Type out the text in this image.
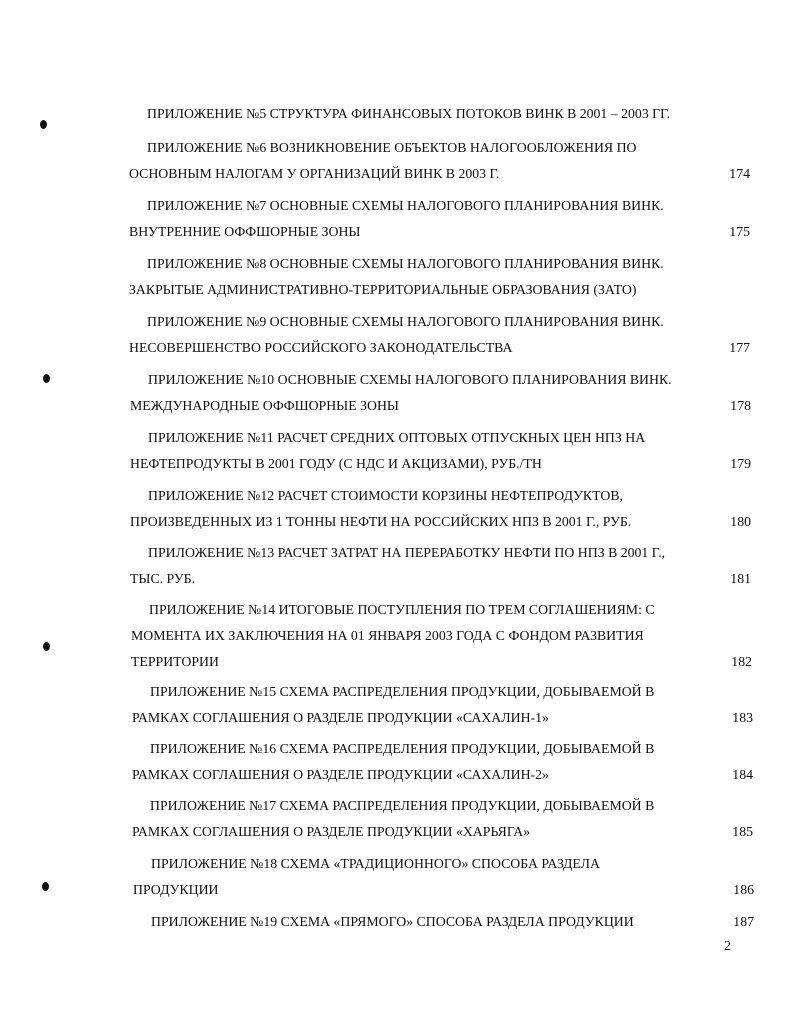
ПРИЛОЖЕНИЕ №5 СТРУКТУРА ФИНАНСОВЫХ ПОТОКОВ ВИНК В 2001 – 2003 ГГ.
ПРИЛОЖЕНИЕ №6 ВОЗНИКНОВЕНИЕ ОБЪЕКТОВ НАЛОГООБЛОЖЕНИЯ ПО
ОСНОВНЫМ НАЛОГАМ У ОРГАНИЗАЦИЙ ВИНК В 2003 Г.	174
ПРИЛОЖЕНИЕ №7 ОСНОВНЫЕ СХЕМЫ НАЛОГОВОГО ПЛАНИРОВАНИЯ ВИНК.
ВНУТРЕННИЕ ОФФШОРНЫЕ ЗОНЫ	175
ПРИЛОЖЕНИЕ №8 ОСНОВНЫЕ СХЕМЫ НАЛОГОВОГО ПЛАНИРОВАНИЯ ВИНК.
ЗАКРЫТЫЕ АДМИНИСТРАТИВНО-ТЕРРИТОРИАЛЬНЫЕ ОБРАЗОВАНИЯ (ЗАТО)
ПРИЛОЖЕНИЕ №9 ОСНОВНЫЕ СХЕМЫ НАЛОГОВОГО ПЛАНИРОВАНИЯ ВИНК.
НЕСОВЕРШЕНСТВО РОССИЙСКОГО ЗАКОНОДАТЕЛЬСТВА	177
ПРИЛОЖЕНИЕ №10 ОСНОВНЫЕ СХЕМЫ НАЛОГОВОГО ПЛАНИРОВАНИЯ ВИНК.
МЕЖДУНАРОДНЫЕ ОФФШОРНЫЕ ЗОНЫ	178
ПРИЛОЖЕНИЕ №11 РАСЧЕТ СРЕДНИХ ОПТОВЫХ ОТПУСКНЫХ ЦЕН НПЗ НА
НЕФТЕПРОДУКТЫ В 2001 ГОДУ (С НДС И АКЦИЗАМИ), РУБ./ТН	179
ПРИЛОЖЕНИЕ №12 РАСЧЕТ СТОИМОСТИ КОРЗИНЫ НЕФТЕПРОДУКТОВ,
ПРОИЗВЕДЕННЫХ ИЗ 1 ТОННЫ НЕФТИ НА РОССИЙСКИХ НПЗ В 2001 Г., РУБ.	180
ПРИЛОЖЕНИЕ №13 РАСЧЕТ ЗАТРАТ НА ПЕРЕРАБОТКУ НЕФТИ ПО НПЗ В 2001 Г.,
ТЫС. РУБ.	181
ПРИЛОЖЕНИЕ №14 ИТОГОВЫЕ ПОСТУПЛЕНИЯ ПО ТРЕМ СОГЛАШЕНИЯМ: С
МОМЕНТА ИХ ЗАКЛЮЧЕНИЯ НА 01 ЯНВАРЯ 2003 ГОДА С ФОНДОМ РАЗВИТИЯ
ТЕРРИТОРИИ	182
ПРИЛОЖЕНИЕ №15 СХЕМА РАСПРЕДЕЛЕНИЯ ПРОДУКЦИИ, ДОБЫВАЕМОЙ В
РАМКАХ СОГЛАШЕНИЯ О РАЗДЕЛЕ ПРОДУКЦИИ «САХАЛИН-1»	183
ПРИЛОЖЕНИЕ №16 СХЕМА РАСПРЕДЕЛЕНИЯ ПРОДУКЦИИ, ДОБЫВАЕМОЙ В
РАМКАХ СОГЛАШЕНИЯ О РАЗДЕЛЕ ПРОДУКЦИИ «САХАЛИН-2»	184
ПРИЛОЖЕНИЕ №17 СХЕМА РАСПРЕДЕЛЕНИЯ ПРОДУКЦИИ, ДОБЫВАЕМОЙ В
РАМКАХ СОГЛАШЕНИЯ О РАЗДЕЛЕ ПРОДУКЦИИ «ХАРЬЯГА»	185
ПРИЛОЖЕНИЕ №18 СХЕМА «ТРАДИЦИОННОГО» СПОСОБА РАЗДЕЛА
ПРОДУКЦИИ	186
ПРИЛОЖЕНИЕ №19 СХЕМА «ПРЯМОГО» СПОСОБА РАЗДЕЛА ПРОДУКЦИИ	187
2
